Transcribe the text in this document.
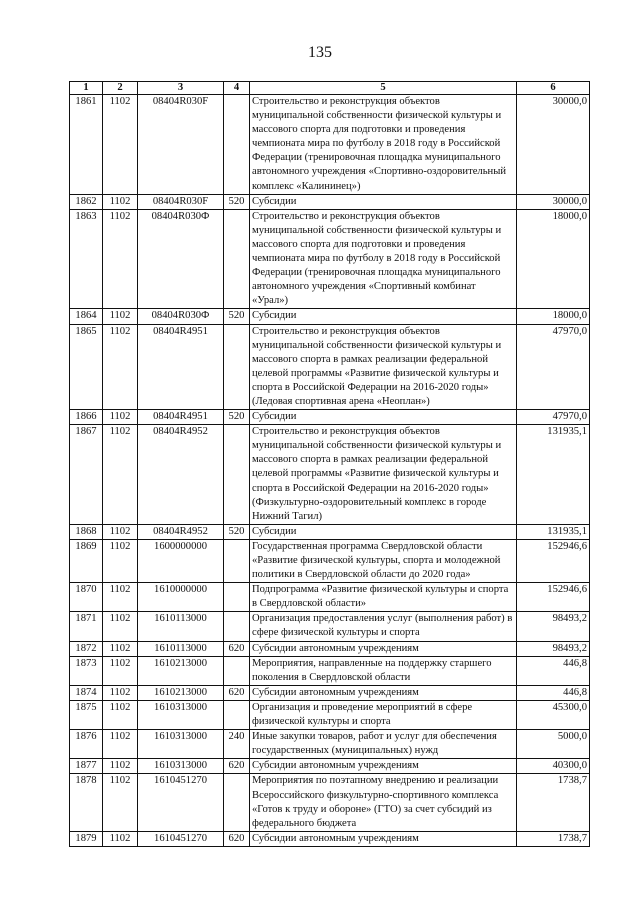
135
1	2	3	4	5	6
1861	1102	08404R030F		Строительство и реконструкция объектов муниципальной собственности физической культуры и массового спорта для подготовки и проведения чемпионата мира по футболу в 2018 году в Российской Федерации (тренировочная площадка муниципального автономного учреждения «Спортивно-оздоровительный комплекс «Калининец»)	30000,0
1862	1102	08404R030F	520	Субсидии	30000,0
1863	1102	08404R030Ф		Строительство и реконструкция объектов муниципальной собственности физической культуры и массового спорта для подготовки и проведения чемпионата мира по футболу в 2018 году в Российской Федерации (тренировочная площадка муниципального автономного учреждения «Спортивный комбинат «Урал»)	18000,0
1864	1102	08404R030Ф	520	Субсидии	18000,0
1865	1102	08404R4951		Строительство и реконструкция объектов муниципальной собственности физической культуры и массового спорта в рамках реализации федеральной целевой программы «Развитие физической культуры и спорта в Российской Федерации на 2016-2020 годы» (Ледовая спортивная арена «Неоплан»)	47970,0
1866	1102	08404R4951	520	Субсидии	47970,0
1867	1102	08404R4952		Строительство и реконструкция объектов муниципальной собственности физической культуры и массового спорта в рамках реализации федеральной целевой программы «Развитие физической культуры и спорта в Российской Федерации на 2016-2020 годы» (Физкультурно-оздоровительный комплекс в городе Нижний Тагил)	131935,1
1868	1102	08404R4952	520	Субсидии	131935,1
1869	1102	1600000000		Государственная программа Свердловской области «Развитие физической культуры, спорта и молодежной политики в Свердловской области до 2020 года»	152946,6
1870	1102	1610000000		Подпрограмма «Развитие физической культуры и спорта в Свердловской области»	152946,6
1871	1102	1610113000		Организация предоставления услуг (выполнения работ) в сфере физической культуры и спорта	98493,2
1872	1102	1610113000	620	Субсидии автономным учреждениям	98493,2
1873	1102	1610213000		Мероприятия, направленные на поддержку старшего поколения в Свердловской области	446,8
1874	1102	1610213000	620	Субсидии автономным учреждениям	446,8
1875	1102	1610313000		Организация и проведение мероприятий в сфере физической культуры и спорта	45300,0
1876	1102	1610313000	240	Иные закупки товаров, работ и услуг для обеспечения государственных (муниципальных) нужд	5000,0
1877	1102	1610313000	620	Субсидии автономным учреждениям	40300,0
1878	1102	1610451270		Мероприятия по поэтапному внедрению и реализации Всероссийского физкультурно-спортивного комплекса «Готов к труду и обороне» (ГТО) за счет субсидий из федерального бюджета	1738,7
1879	1102	1610451270	620	Субсидии автономным учреждениям	1738,7
